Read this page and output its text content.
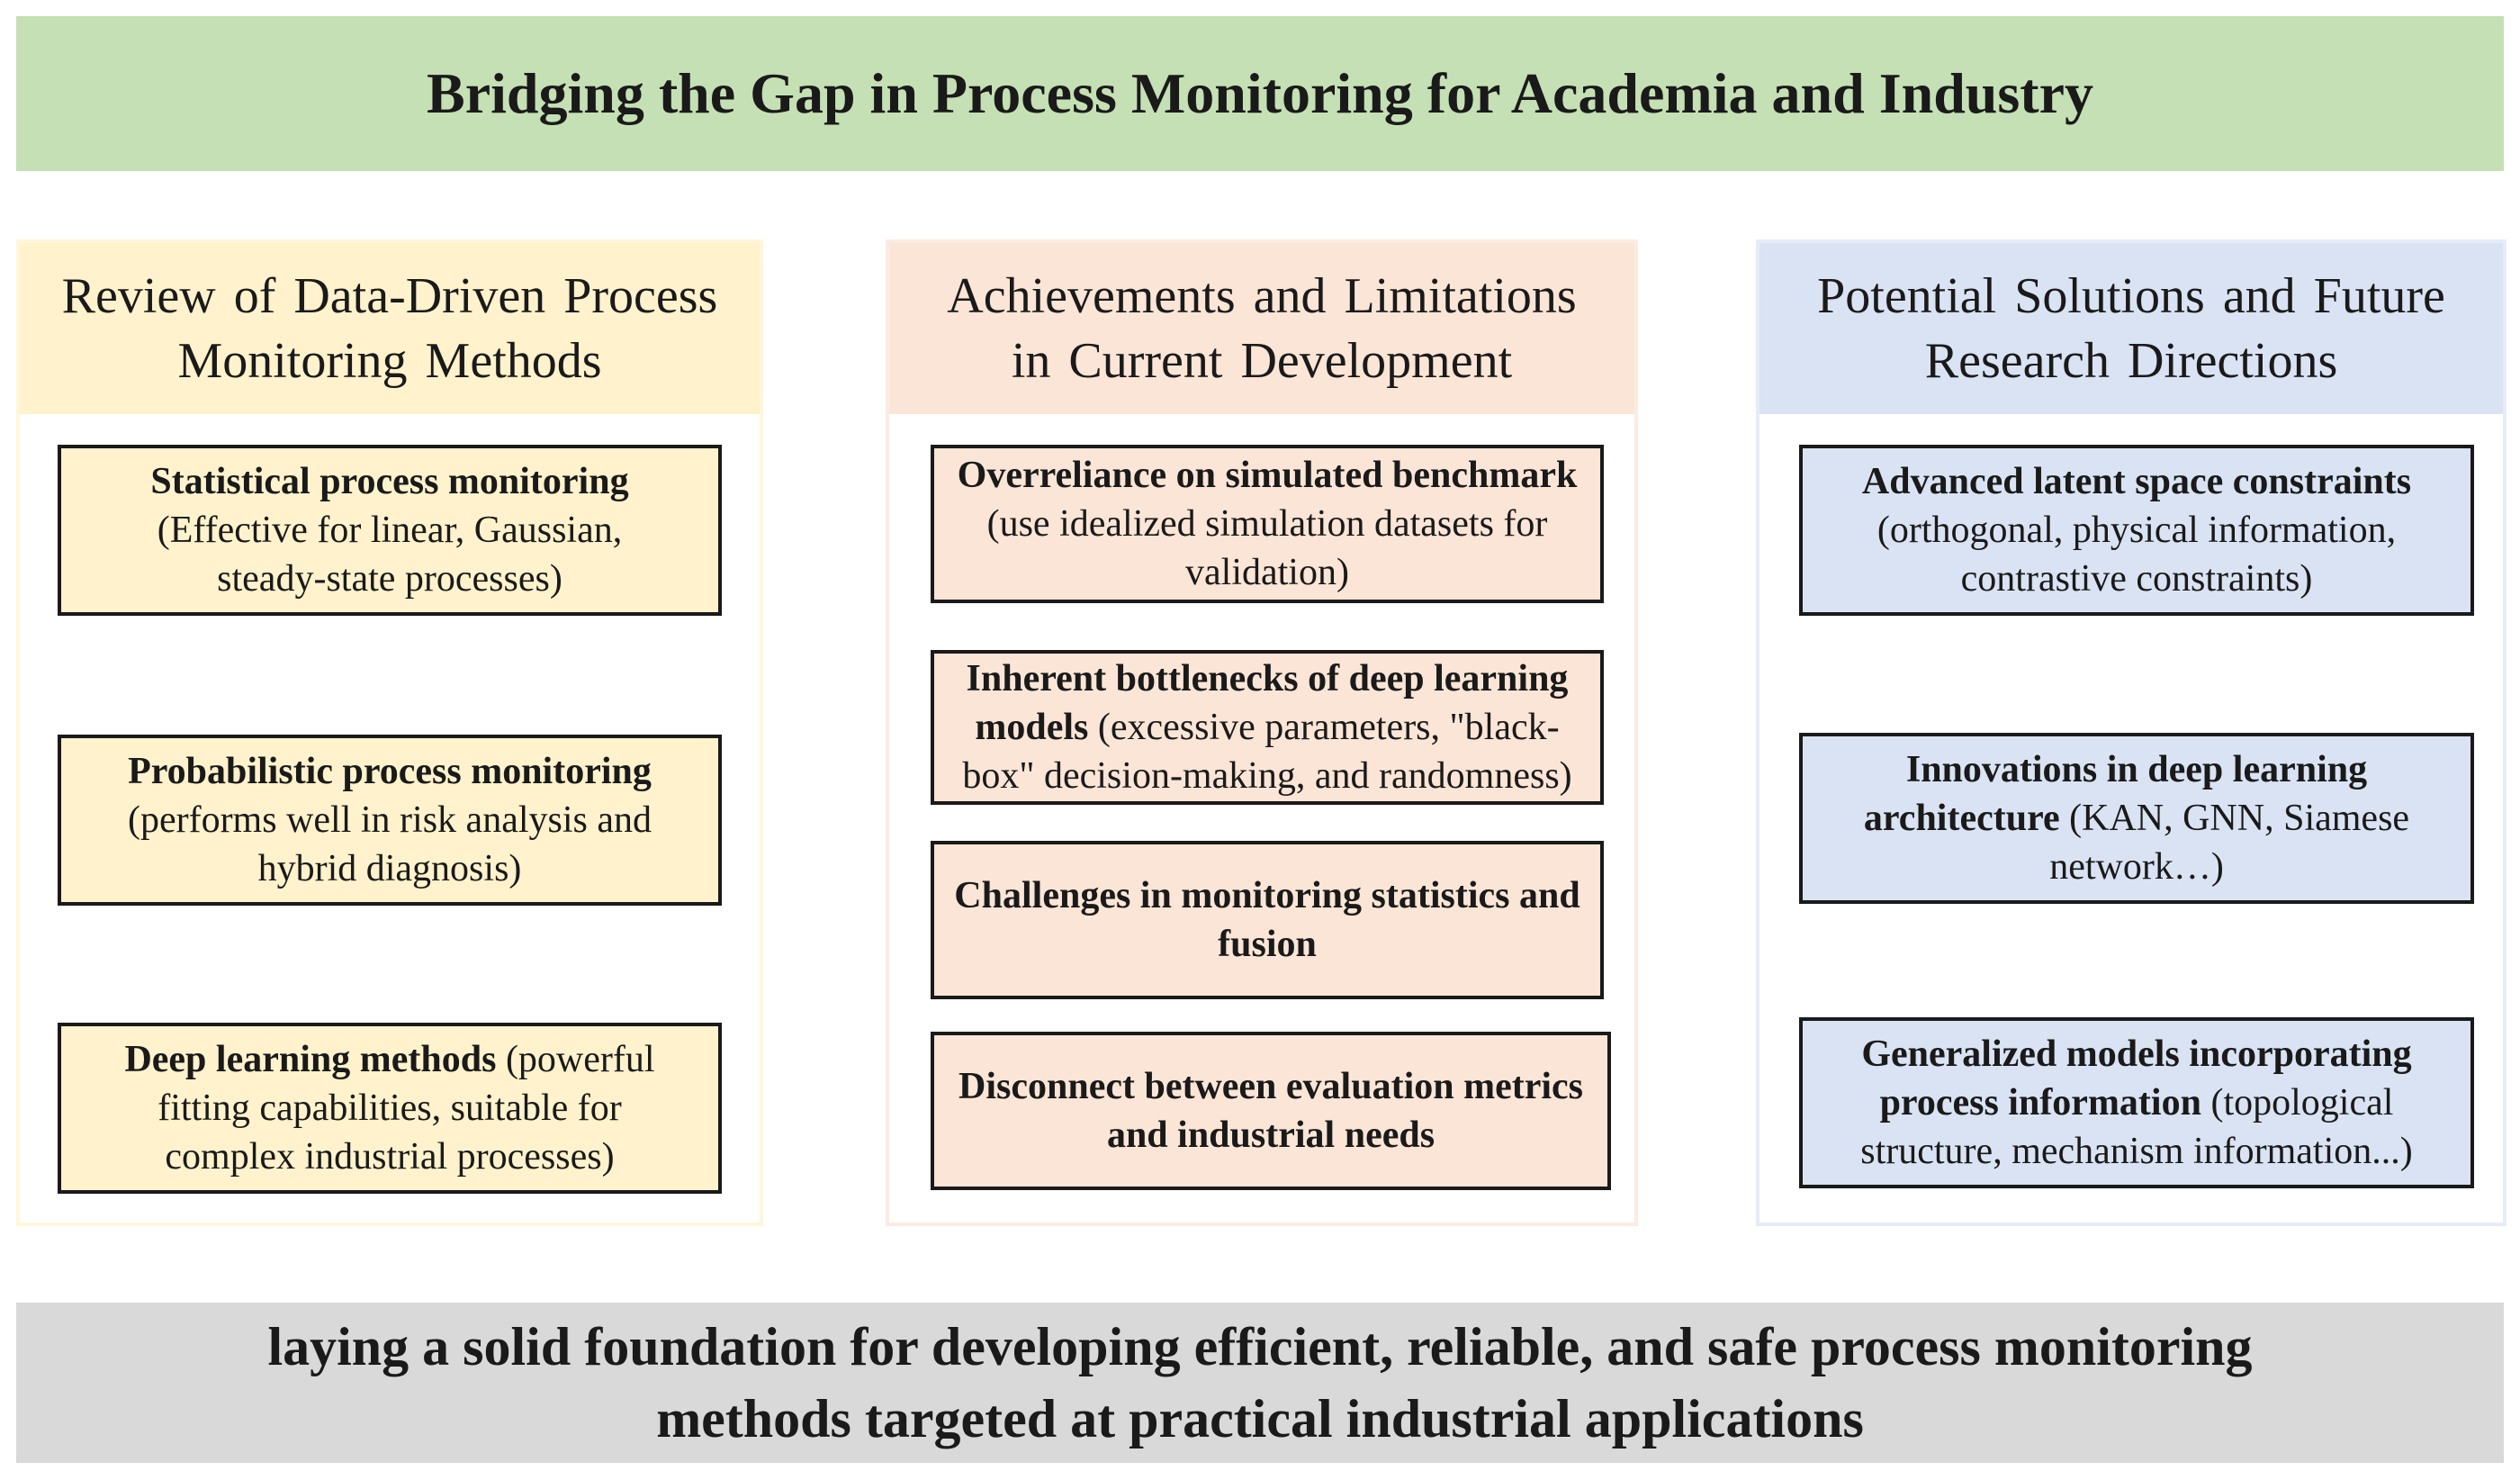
Bridging the Gap in Process Monitoring for Academia and Industry
Review of Data-Driven Process
Monitoring Methods
Statistical process monitoring
(Effective for linear, Gaussian,
steady-state processes)
Probabilistic process monitoring
(performs well in risk analysis and
hybrid diagnosis)
Deep learning methods (powerful
fitting capabilities, suitable for
complex industrial processes)
Achievements and Limitations
in Current Development
Overreliance on simulated benchmark
(use idealized simulation datasets for
validation)
Inherent bottlenecks of deep learning
models (excessive parameters, "black-
box" decision-making, and randomness)
Challenges in monitoring statistics and
fusion
Disconnect between evaluation metrics
and industrial needs
Potential Solutions and Future
Research Directions
Advanced latent space constraints
(orthogonal, physical information,
contrastive constraints)
Innovations in deep learning
architecture (KAN, GNN, Siamese
network…)
Generalized models incorporating
process information (topological
structure, mechanism information...)
laying a solid foundation for developing efficient, reliable, and safe process monitoring
methods targeted at practical industrial applications
